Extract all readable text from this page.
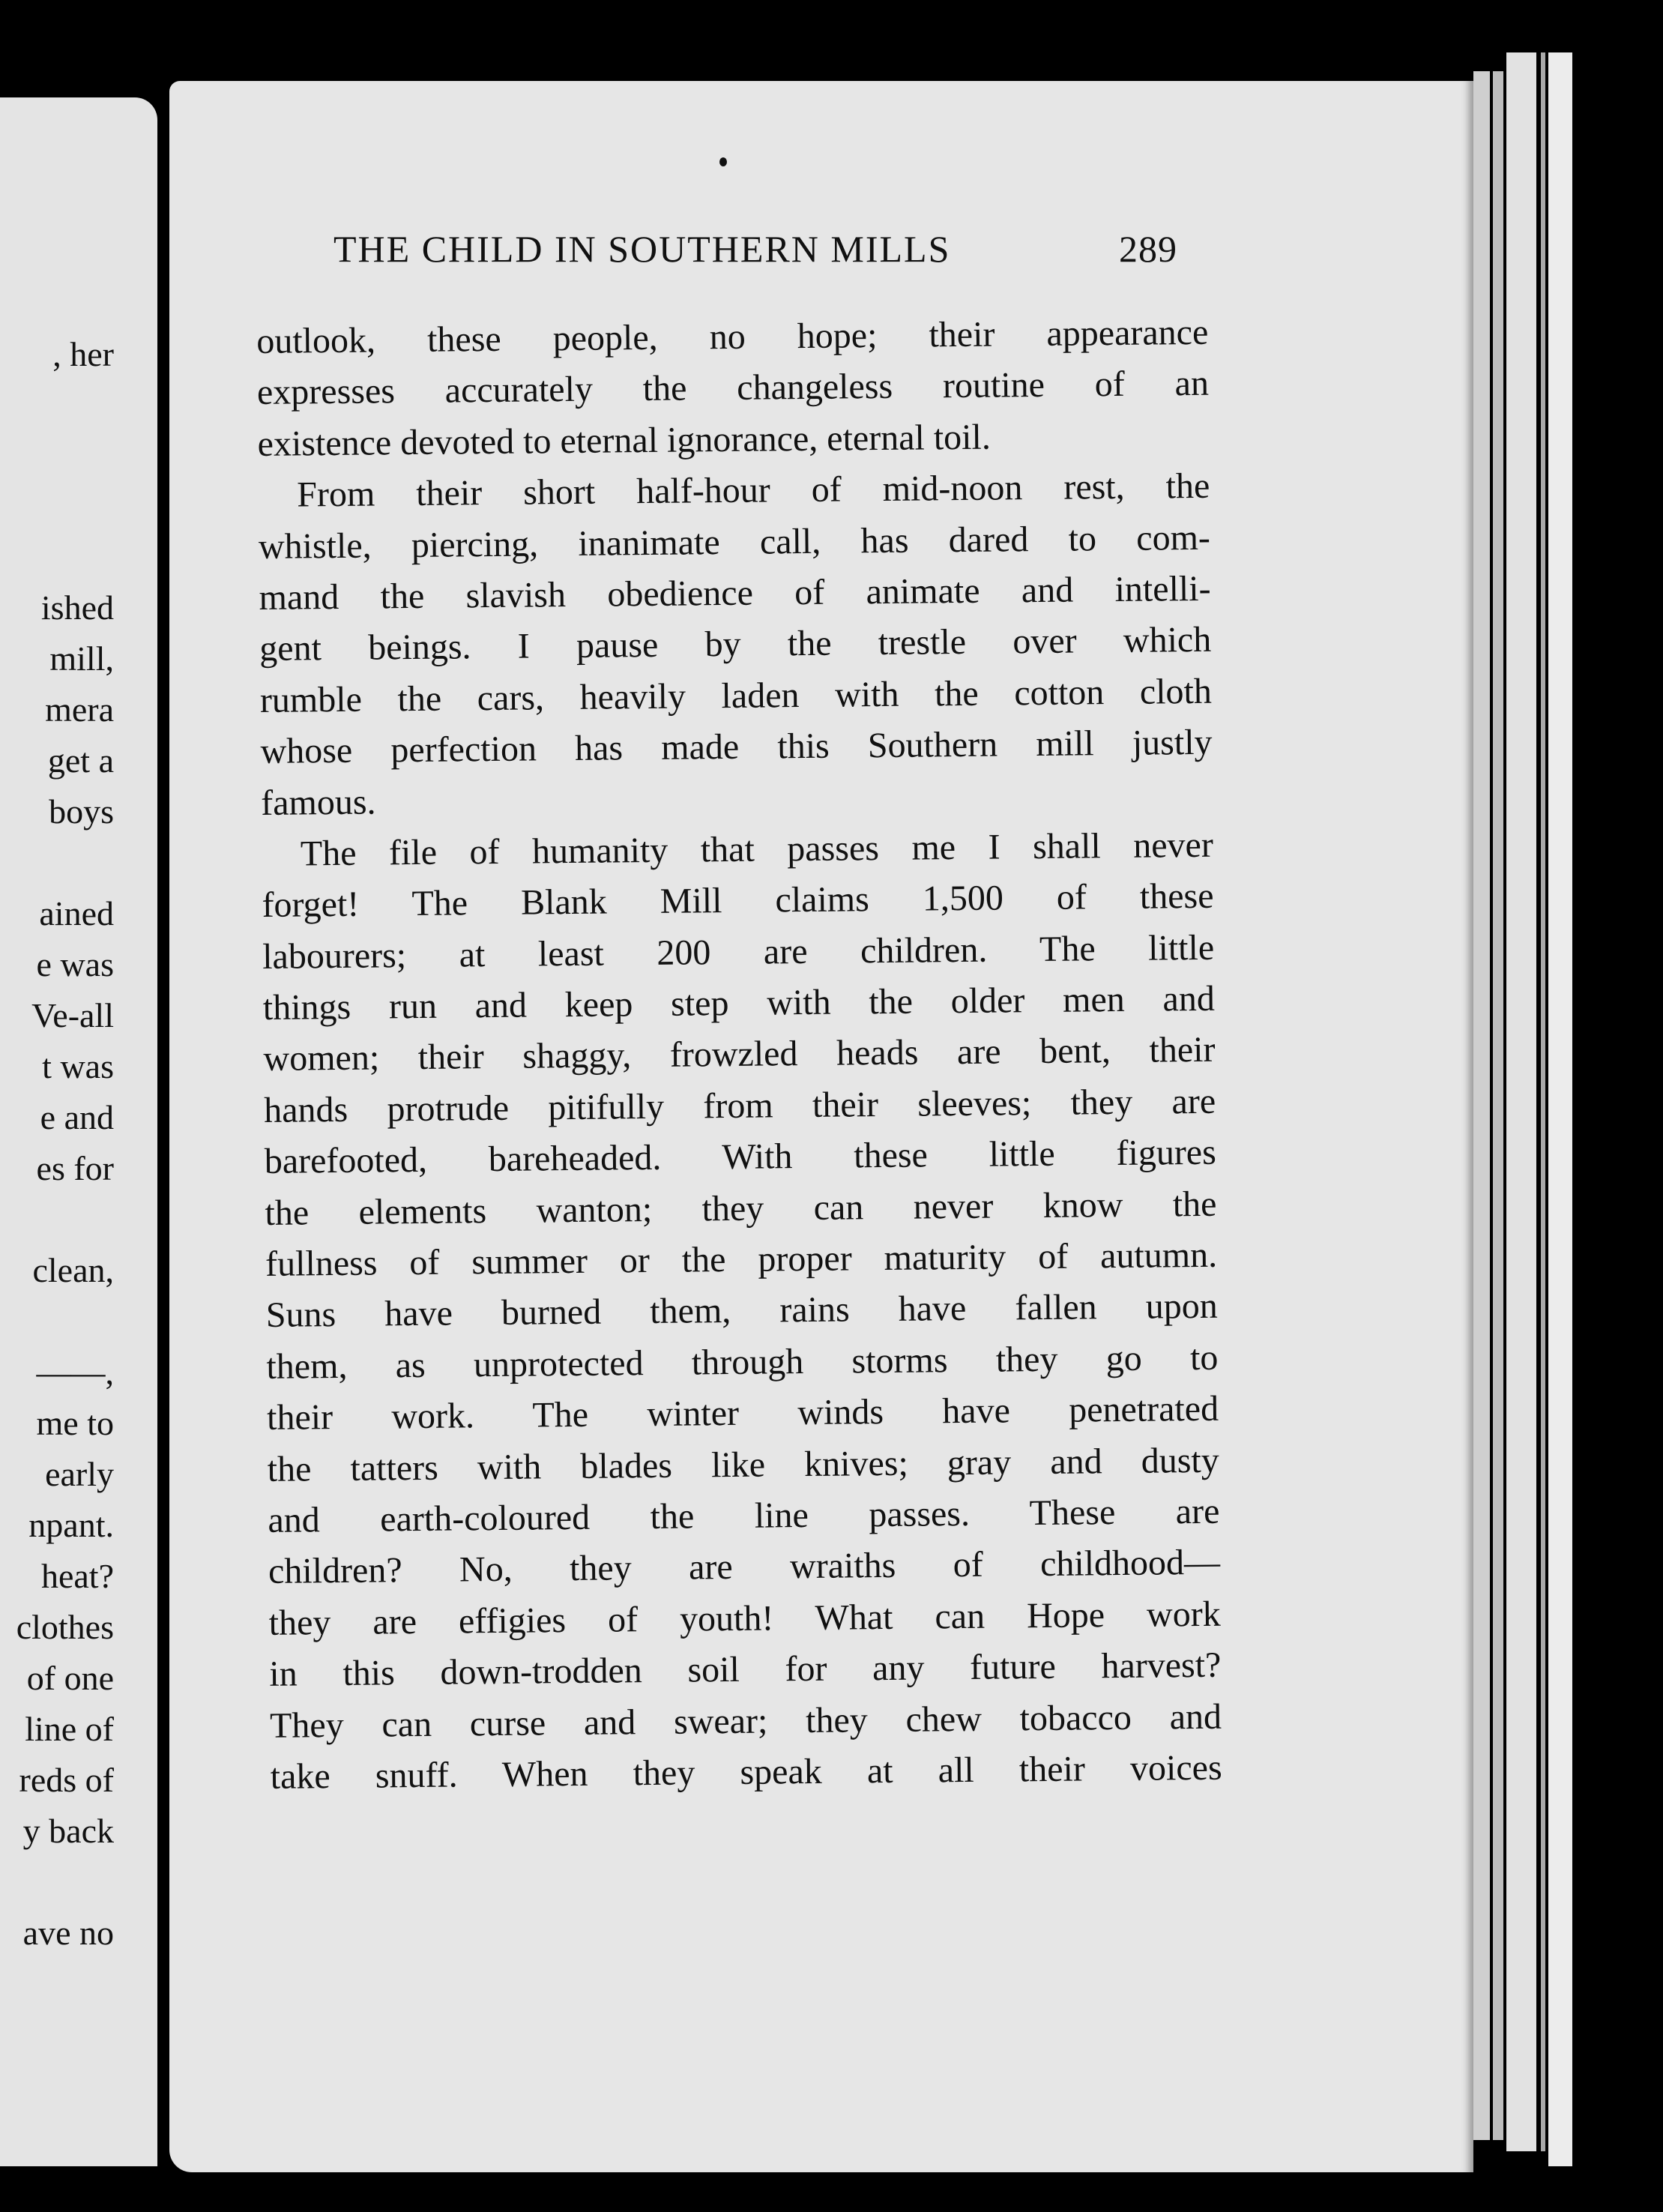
, her
ished
mill,
mera
get a
boys
ained
e was
Ve-all
t was
e and
es for
clean,
——,
me to
early
npant.
heat?
clothes
of one
line of
reds of
y back
ave no
THE CHILD IN SOUTHERN MILLS	289
outlook, these people, no hope; their appearance
expresses accurately the changeless routine of an
existence devoted to eternal ignorance, eternal toil.
From their short half-hour of mid-noon rest, the
whistle, piercing, inanimate call, has dared to com-
mand the slavish obedience of animate and intelli-
gent beings. I pause by the trestle over which
rumble the cars, heavily laden with the cotton cloth
whose perfection has made this Southern mill justly
famous.
The file of humanity that passes me I shall never
forget! The Blank Mill claims 1,500 of these
labourers; at least 200 are children. The little
things run and keep step with the older men and
women; their shaggy, frowzled heads are bent, their
hands protrude pitifully from their sleeves; they are
barefooted, bareheaded. With these little figures
the elements wanton; they can never know the
fullness of summer or the proper maturity of autumn.
Suns have burned them, rains have fallen upon
them, as unprotected through storms they go to
their work. The winter winds have penetrated
the tatters with blades like knives; gray and dusty
and earth-coloured the line passes. These are
children? No, they are wraiths of childhood—
they are effigies of youth! What can Hope work
in this down-trodden soil for any future harvest?
They can curse and swear; they chew tobacco and
take snuff. When they speak at all their voices
